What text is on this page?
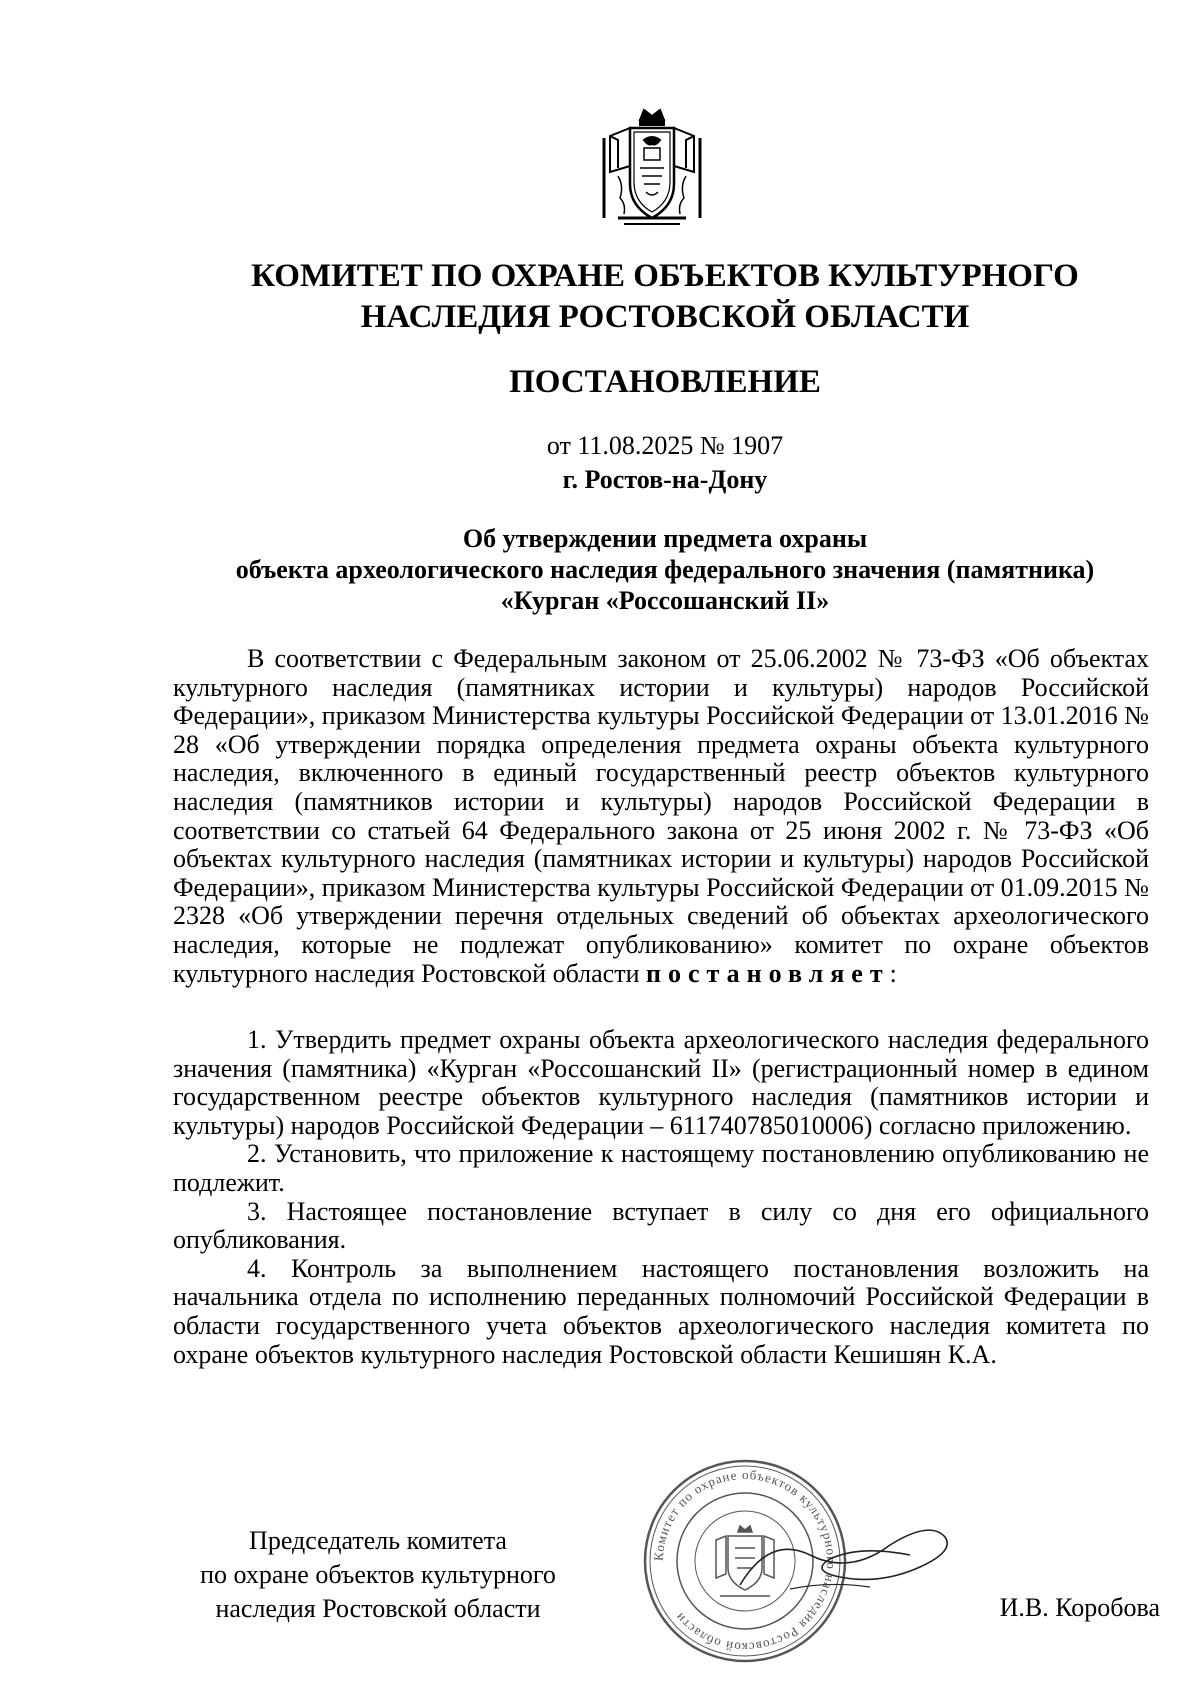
КОМИТЕТ ПО ОХРАНЕ ОБЪЕКТОВ КУЛЬТУРНОГО
НАСЛЕДИЯ РОСТОВСКОЙ ОБЛАСТИ
ПОСТАНОВЛЕНИЕ
от 11.08.2025 № 1907
г. Ростов-на-Дону
Об утверждении предмета охраны
объекта археологического наследия федерального значения (памятника)
«Курган «Россошанский II»

В соответствии с Федеральным законом от 25.06.2002 № 73-ФЗ «Об объектах культурного наследия (памятниках истории и культуры) народов Российской Федерации», приказом Министерства культуры Российской Федерации от 13.01.2016 № 28 «Об утверждении порядка определения предмета охраны объекта культурного наследия, включенного в единый государственный реестр объектов культурного наследия (памятников истории и культуры) народов Российской Федерации в соответствии со статьей 64 Федерального закона от 25 июня 2002 г. № 73-ФЗ «Об объектах культурного наследия (памятниках истории и культуры) народов Российской Федерации», приказом Министерства культуры Российской Федерации от 01.09.2015 № 2328 «Об утверждении перечня отдельных сведений об объектах археологического наследия, которые не подлежат опубликованию» комитет по охране объектов культурного наследия Ростовской области постановляет:

1. Утвердить предмет охраны объекта археологического наследия федерального значения (памятника) «Курган «Россошанский II» (регистрационный номер в едином государственном реестре объектов культурного наследия (памятников истории и культуры) народов Российской Федерации – 611740785010006) согласно приложению.

2. Установить, что приложение к настоящему постановлению опубликованию не подлежит.

3. Настоящее постановление вступает в силу со дня его официального опубликования.

4. Контроль за выполнением настоящего постановления возложить на начальника отдела по исполнению переданных полномочий Российской Федерации в области государственного учета объектов археологического наследия комитета по охране объектов культурного наследия Ростовской области Кешишян К.А.

Комитет по охране объектов культурного наследия Ростовской области
Председатель комитета
по охране объектов культурного
наследия Ростовской области	И.В. Коробова
